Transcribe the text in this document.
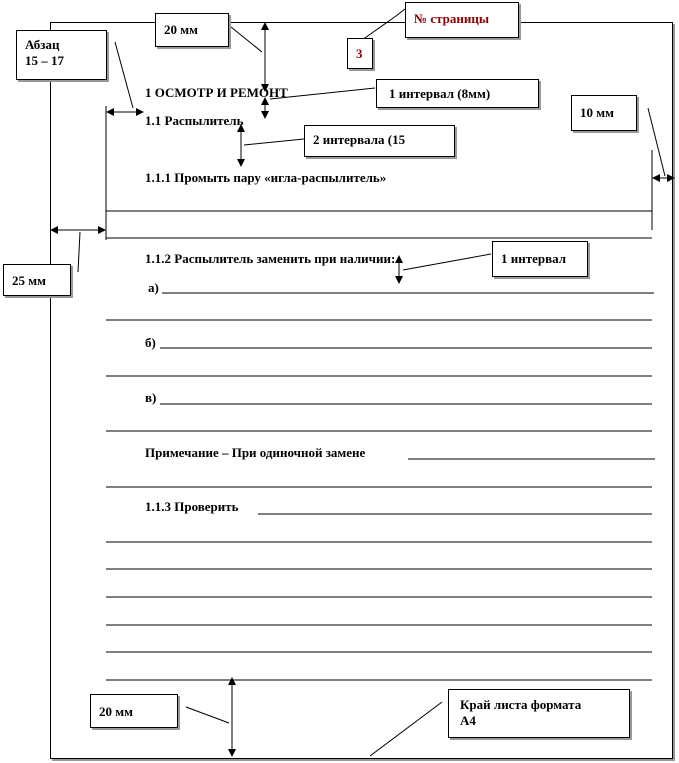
1 ОСМОТР И РЕМОНТ
1.1 Распылитель
1.1.1 Промыть пару «игла-распылитель»
1.1.2 Распылитель заменить при наличии:
а)
б)
в)
Примечание – При одиночной замене
1.1.3 Проверить
20 мм
№ страницы
3
Абзац
15 – 17
1 интервал (8мм)
10 мм
2 интервала (15
1 интервал
25 мм
20 мм	Край листа формата
А4
